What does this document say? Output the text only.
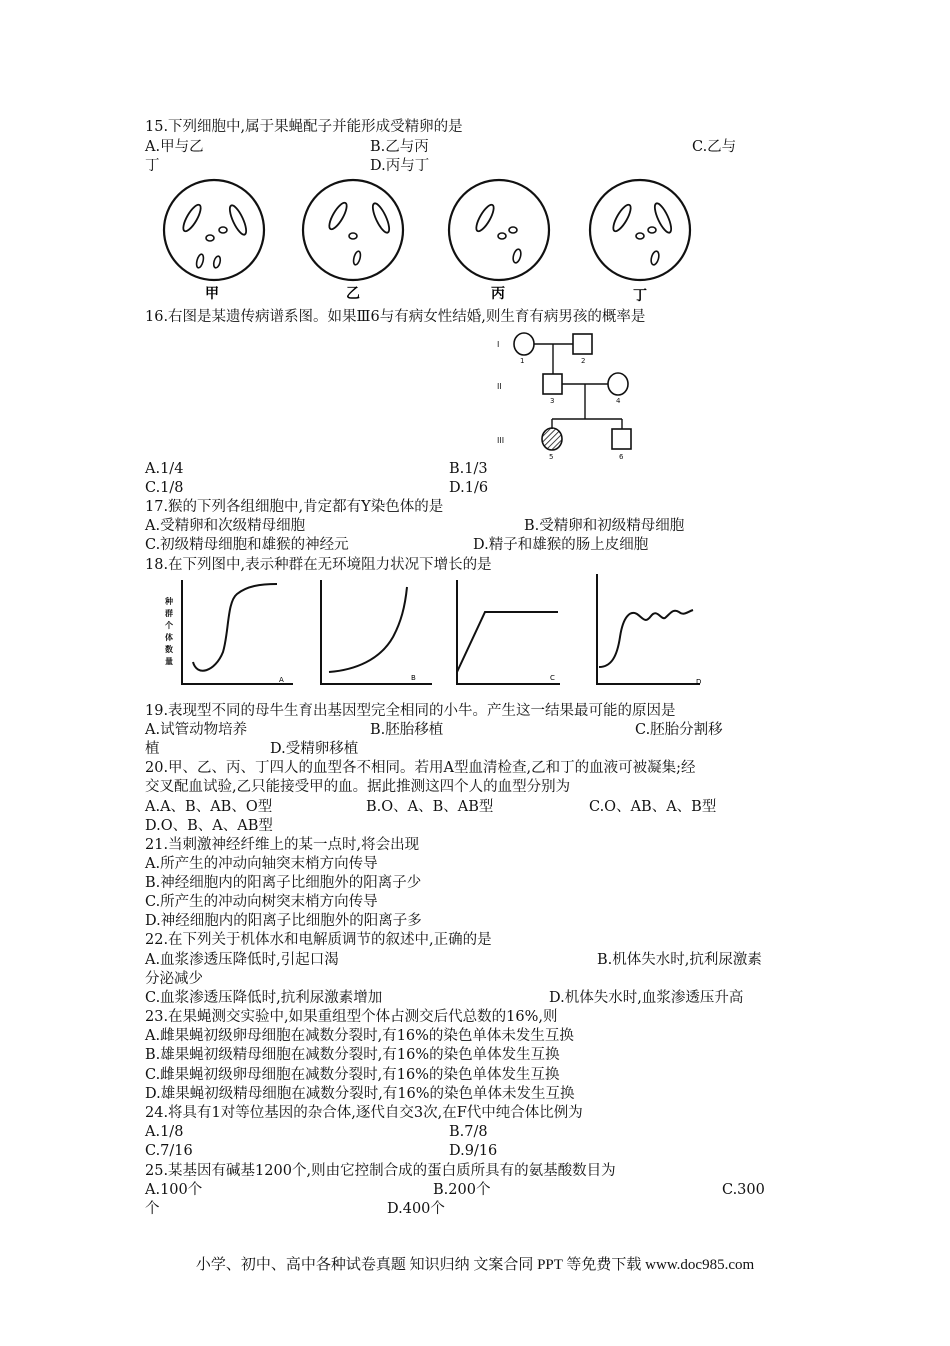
15.下列细胞中,属于果蝇配子并能形成受精卵的是
A.甲与乙	B.乙与丙	C.乙与
丁	D.丙与丁
甲	乙	丙	丁
16.右图是某遗传病谱系图。如果Ⅲ6与有病女性结婚,则生育有病男孩的概率是
I
II
III
1	2
3	4
5	6
A.1/4	B.1/3
C.1/8	D.1/6
17.猴的下列各组细胞中,肯定都有Y染色体的是
A.受精卵和次级精母细胞	B.受精卵和初级精母细胞
C.初级精母细胞和雄猴的神经元	D.精子和雄猴的肠上皮细胞
18.在下列图中,表示种群在无环境阻力状况下增长的是
种
群
个
体
数
量
A	B	C	D
19.表现型不同的母牛生育出基因型完全相同的小牛。产生这一结果最可能的原因是
A.试管动物培养	B.胚胎移植	C.胚胎分割移
植	D.受精卵移植
20.甲、乙、丙、丁四人的血型各不相同。若用A型血清检查,乙和丁的血液可被凝集;经
交叉配血试验,乙只能接受甲的血。据此推测这四个人的血型分别为
A.A、B、AB、O型	B.O、A、B、AB型	C.O、AB、A、B型
D.O、B、A、AB型
21.当刺激神经纤维上的某一点时,将会出现
A.所产生的冲动向轴突末梢方向传导
B.神经细胞内的阳离子比细胞外的阳离子少
C.所产生的冲动向树突末梢方向传导
D.神经细胞内的阳离子比细胞外的阳离子多
22.在下列关于机体水和电解质调节的叙述中,正确的是
A.血浆渗透压降低时,引起口渴	B.机体失水时,抗利尿激素
分泌减少
C.血浆渗透压降低时,抗利尿激素增加	D.机体失水时,血浆渗透压升高
23.在果蝇测交实验中,如果重组型个体占测交后代总数的16%,则
A.雌果蝇初级卵母细胞在减数分裂时,有16%的染色单体未发生互换
B.雄果蝇初级精母细胞在减数分裂时,有16%的染色单体发生互换
C.雌果蝇初级卵母细胞在减数分裂时,有16%的染色单体发生互换
D.雄果蝇初级精母细胞在减数分裂时,有16%的染色单体未发生互换
24.将具有1对等位基因的杂合体,逐代自交3次,在F代中纯合体比例为
A.1/8	B.7/8
C.7/16	D.9/16
25.某基因有碱基1200个,则由它控制合成的蛋白质所具有的氨基酸数目为
A.100个	B.200个	C.300
个	D.400个
小学、初中、高中各种试卷真题 知识归纳 文案合同 PPT 等免费下载 www.doc985.com
